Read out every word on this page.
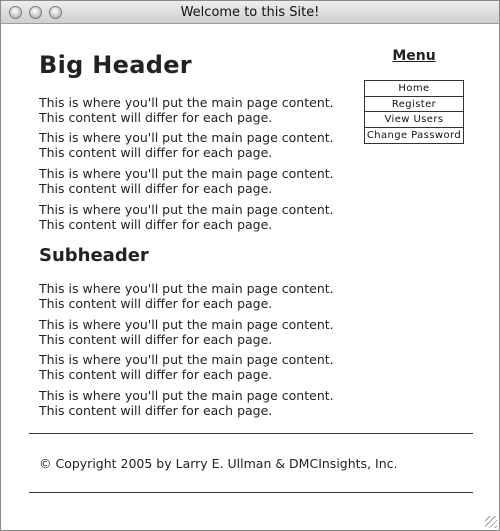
Welcome to this Site!
Big Header
This is where you'll put the main page content.
This content will differ for each page.
This is where you'll put the main page content.
This content will differ for each page.
This is where you'll put the main page content.
This content will differ for each page.
This is where you'll put the main page content.
This content will differ for each page.
Subheader
This is where you'll put the main page content.
This content will differ for each page.
This is where you'll put the main page content.
This content will differ for each page.
This is where you'll put the main page content.
This content will differ for each page.
This is where you'll put the main page content.
This content will differ for each page.
Menu
Home
Register
View Users
Change Password
© Copyright 2005 by Larry E. Ullman & DMCInsights, Inc.
